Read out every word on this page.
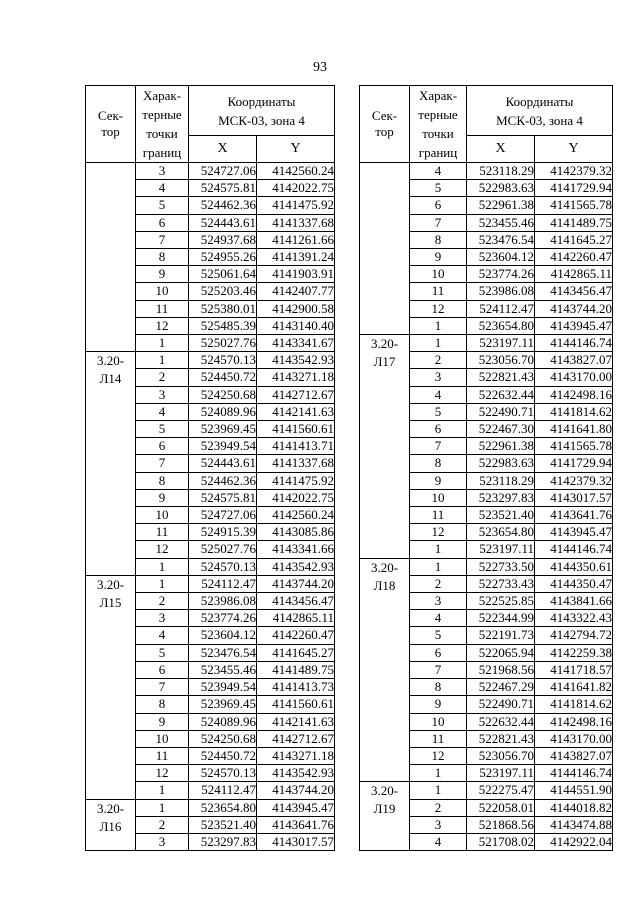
93
Сек-
тор	Харак-
терные
точки
границ	Координаты
МСК-03, зона 4	
		X	Y
	3	524727.06	4142560.24
	4	524575.81	4142022.75
	5	524462.36	4141475.92
	6	524443.61	4141337.68
	7	524937.68	4141261.66
	8	524955.26	4141391.24
	9	525061.64	4141903.91
	10	525203.46	4142407.77
	11	525380.01	4142900.58
	12	525485.39	4143140.40
	1	525027.76	4143341.67
3.20-
Л14	1	524570.13	4143542.93
	2	524450.72	4143271.18
	3	524250.68	4142712.67
	4	524089.96	4142141.63
	5	523969.45	4141560.61
	6	523949.54	4141413.71
	7	524443.61	4141337.68
	8	524462.36	4141475.92
	9	524575.81	4142022.75
	10	524727.06	4142560.24
	11	524915.39	4143085.86
	12	525027.76	4143341.66
	1	524570.13	4143542.93
3.20-
Л15	1	524112.47	4143744.20
	2	523986.08	4143456.47
	3	523774.26	4142865.11
	4	523604.12	4142260.47
	5	523476.54	4141645.27
	6	523455.46	4141489.75
	7	523949.54	4141413.73
	8	523969.45	4141560.61
	9	524089.96	4142141.63
	10	524250.68	4142712.67
	11	524450.72	4143271.18
	12	524570.13	4143542.93
	1	524112.47	4143744.20
3.20-
Л16	1	523654.80	4143945.47
	2	523521.40	4143641.76
	3	523297.83	4143017.57
Сек-
тор	Харак-
терные
точки
границ	Координаты
МСК-03, зона 4	
		X	Y
	4	523118.29	4142379.32
	5	522983.63	4141729.94
	6	522961.38	4141565.78
	7	523455.46	4141489.75
	8	523476.54	4141645.27
	9	523604.12	4142260.47
	10	523774.26	4142865.11
	11	523986.08	4143456.47
	12	524112.47	4143744.20
	1	523654.80	4143945.47
3.20-
Л17	1	523197.11	4144146.74
	2	523056.70	4143827.07
	3	522821.43	4143170.00
	4	522632.44	4142498.16
	5	522490.71	4141814.62
	6	522467.30	4141641.80
	7	522961.38	4141565.78
	8	522983.63	4141729.94
	9	523118.29	4142379.32
	10	523297.83	4143017.57
	11	523521.40	4143641.76
	12	523654.80	4143945.47
	1	523197.11	4144146.74
3.20-
Л18	1	522733.50	4144350.61
	2	522733.43	4144350.47
	3	522525.85	4143841.66
	4	522344.99	4143322.43
	5	522191.73	4142794.72
	6	522065.94	4142259.38
	7	521968.56	4141718.57
	8	522467.29	4141641.82
	9	522490.71	4141814.62
	10	522632.44	4142498.16
	11	522821.43	4143170.00
	12	523056.70	4143827.07
	1	523197.11	4144146.74
3.20-
Л19	1	522275.47	4144551.90
	2	522058.01	4144018.82
	3	521868.56	4143474.88
	4	521708.02	4142922.04
